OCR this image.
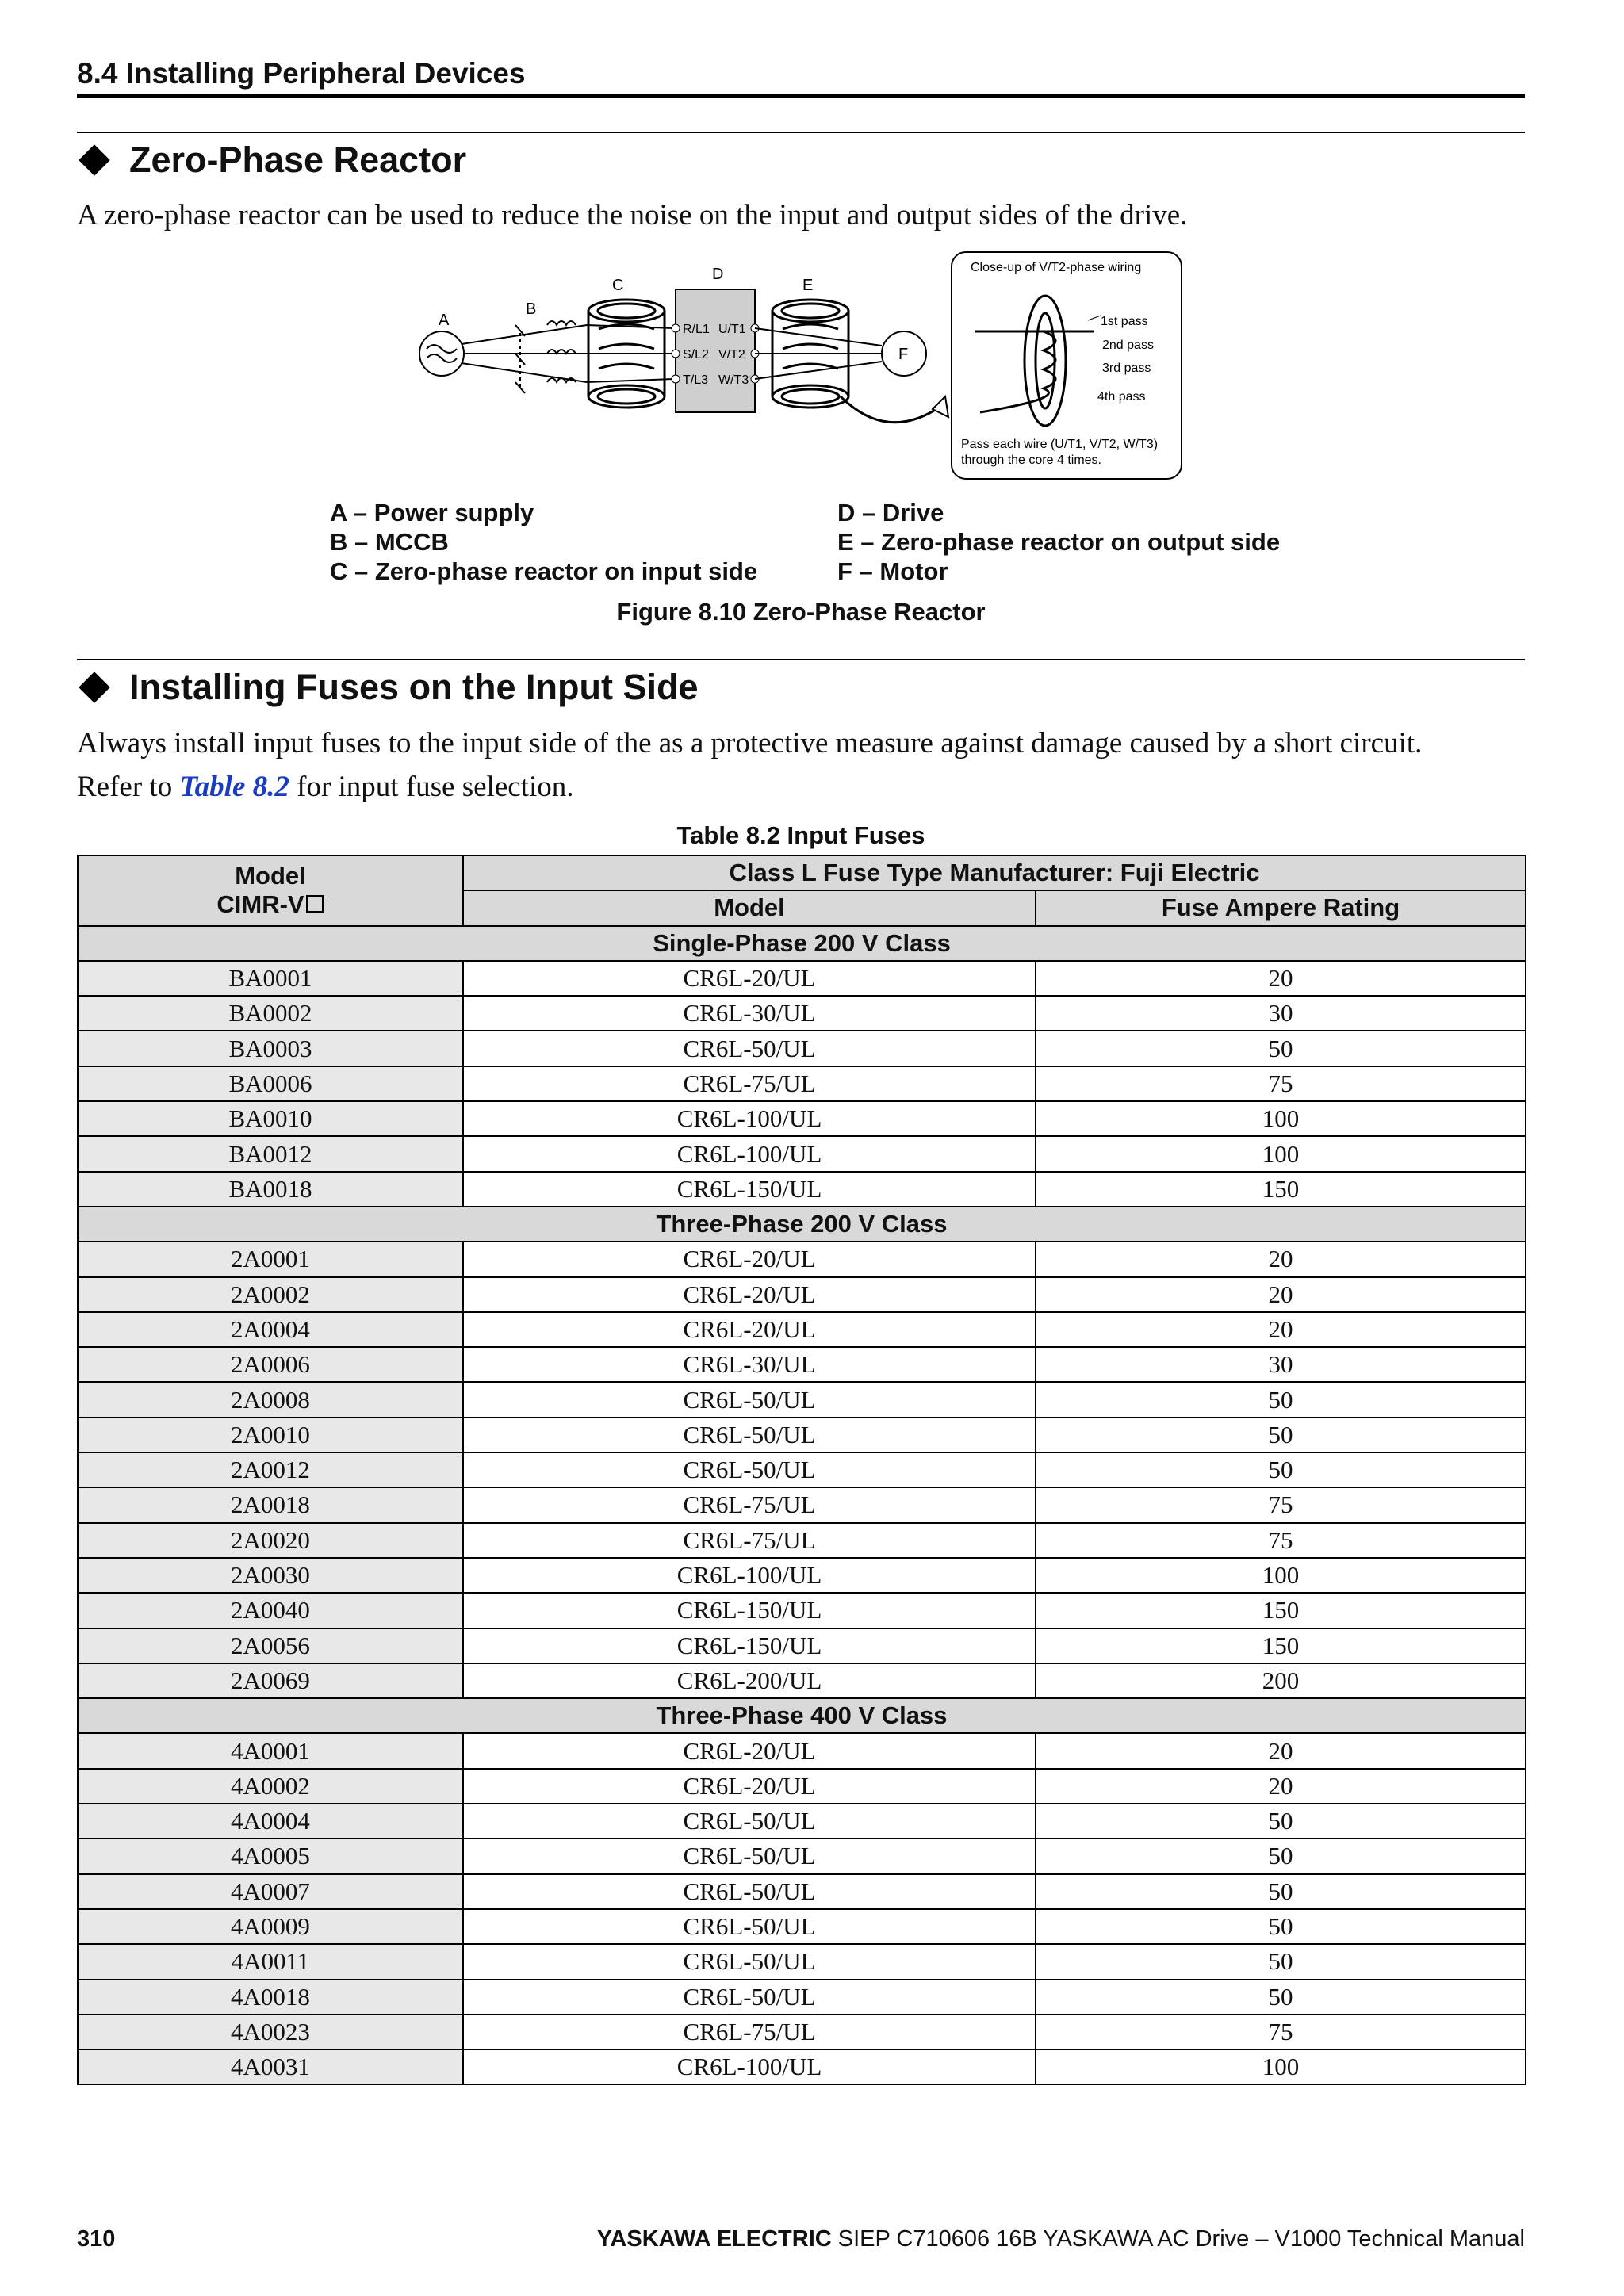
8.4 Installing Peripheral Devices
Zero-Phase Reactor
A zero-phase reactor can be used to reduce the noise on the input and output sides of the drive.
A
B
C
D
R/L1
S/L2
T/L3
U/T1
V/T2
W/T3
E
F
Close-up of V/T2-phase wiring
1st pass
2nd pass
3rd pass
4th pass
Pass each wire (U/T1, V/T2, W/T3)
through the core 4 times.
A – Power supply
B – MCCB
C – Zero-phase reactor on input side
D – Drive
E – Zero-phase reactor on output side
F – Motor
Figure 8.10 Zero-Phase Reactor
Installing Fuses on the Input Side
Always install input fuses to the input side of the as a protective measure against damage caused by a short circuit.
Refer to Table 8.2 for input fuse selection.
Table 8.2 Input Fuses
Model
CIMR-V	Class L Fuse Type Manufacturer: Fuji Electric	
	Model	Fuse Ampere Rating
Single-Phase 200 V Class		
BA0001	CR6L-20/UL	20
BA0002	CR6L-30/UL	30
BA0003	CR6L-50/UL	50
BA0006	CR6L-75/UL	75
BA0010	CR6L-100/UL	100
BA0012	CR6L-100/UL	100
BA0018	CR6L-150/UL	150
Three-Phase 200 V Class		
2A0001	CR6L-20/UL	20
2A0002	CR6L-20/UL	20
2A0004	CR6L-20/UL	20
2A0006	CR6L-30/UL	30
2A0008	CR6L-50/UL	50
2A0010	CR6L-50/UL	50
2A0012	CR6L-50/UL	50
2A0018	CR6L-75/UL	75
2A0020	CR6L-75/UL	75
2A0030	CR6L-100/UL	100
2A0040	CR6L-150/UL	150
2A0056	CR6L-150/UL	150
2A0069	CR6L-200/UL	200
Three-Phase 400 V Class		
4A0001	CR6L-20/UL	20
4A0002	CR6L-20/UL	20
4A0004	CR6L-50/UL	50
4A0005	CR6L-50/UL	50
4A0007	CR6L-50/UL	50
4A0009	CR6L-50/UL	50
4A0011	CR6L-50/UL	50
4A0018	CR6L-50/UL	50
4A0023	CR6L-75/UL	75
4A0031	CR6L-100/UL	100
310	YASKAWA ELECTRIC SIEP C710606 16B YASKAWA AC Drive – V1000 Technical Manual
